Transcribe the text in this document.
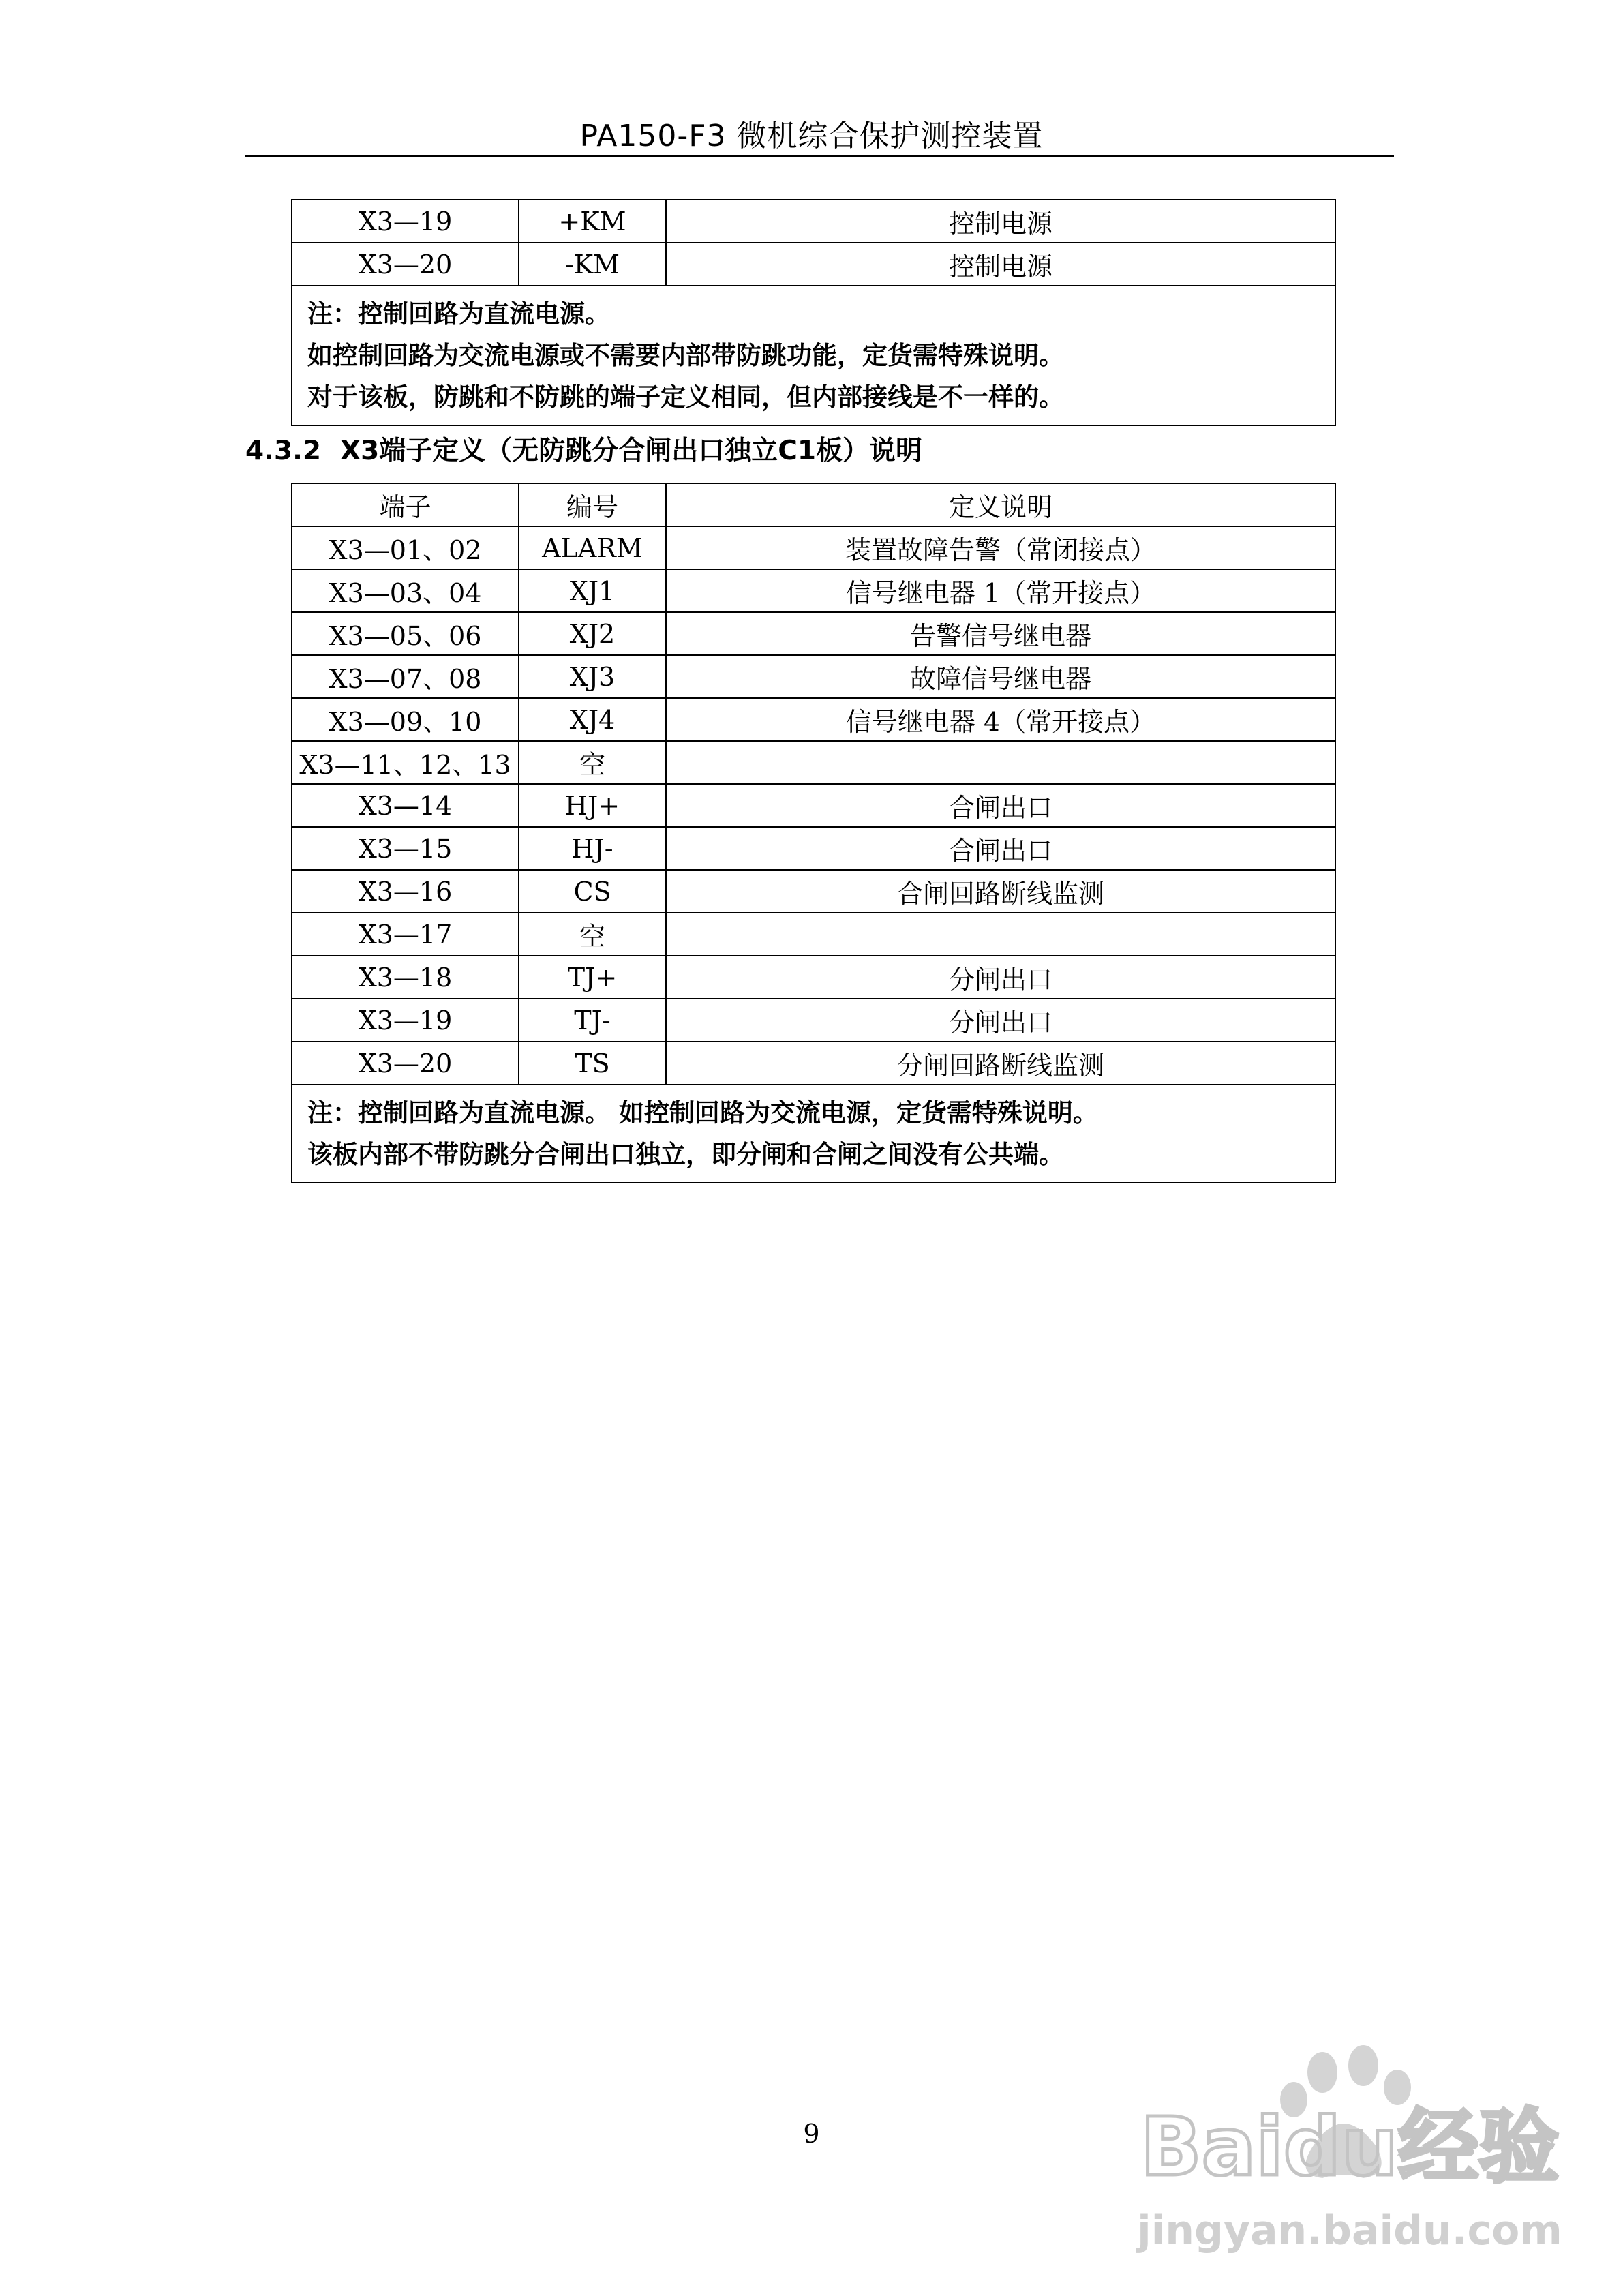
PA150-F3 微机综合保护测控装置
X3—19	+KM	控制电源
X3—20	-KM	控制电源

注：控制回路为直流电源。
如控制回路为交流电源或不需要内部带防跳功能，定货需特殊说明。
对于该板，防跳和不防跳的端子定义相同，但内部接线是不一样的。		
4.3.2 X3端子定义（无防跳分合闸出口独立C1板）说明
端子	编号	定义说明
X3—01、02	ALARM	装置故障告警（常闭接点）
X3—03、04	XJ1	信号继电器 1（常开接点）
X3—05、06	XJ2	告警信号继电器
X3—07、08	XJ3	故障信号继电器
X3—09、10	XJ4	信号继电器 4（常开接点）
X3—11、12、13	空	
X3—14	HJ+	合闸出口
X3—15	HJ-	合闸出口
X3—16	CS	合闸回路断线监测
X3—17	空	
X3—18	TJ+	分闸出口
X3—19	TJ-	分闸出口
X3—20	TS	分闸回路断线监测

注：控制回路为直流电源。 如控制回路为交流电源，定货需特殊说明。
该板内部不带防跳分合闸出口独立，即分闸和合闸之间没有公共端。		
9	Baidu经验
jingyan.baidu.com
